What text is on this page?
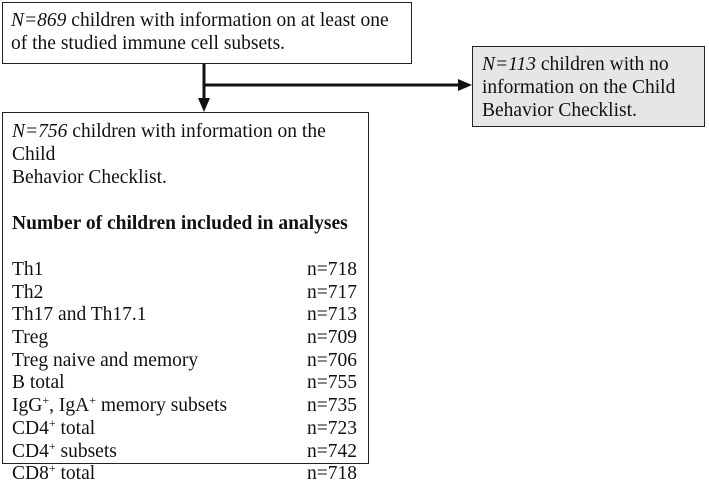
N=869 children with information on at least one
of the studied immune cell subsets.
N=113 children with no
information on the Child
Behavior Checklist.
N=756 children with information on the Child
Behavior Checklist.
Number of children included in analyses
Th1	n=718
Th2	n=717
Th17 and Th17.1	n=713
Treg	n=709
Treg naive and memory	n=706
B total	n=755
IgG+, IgA+ memory subsets	n=735
CD4+ total	n=723
CD4+ subsets	n=742
CD8+ total	n=718
